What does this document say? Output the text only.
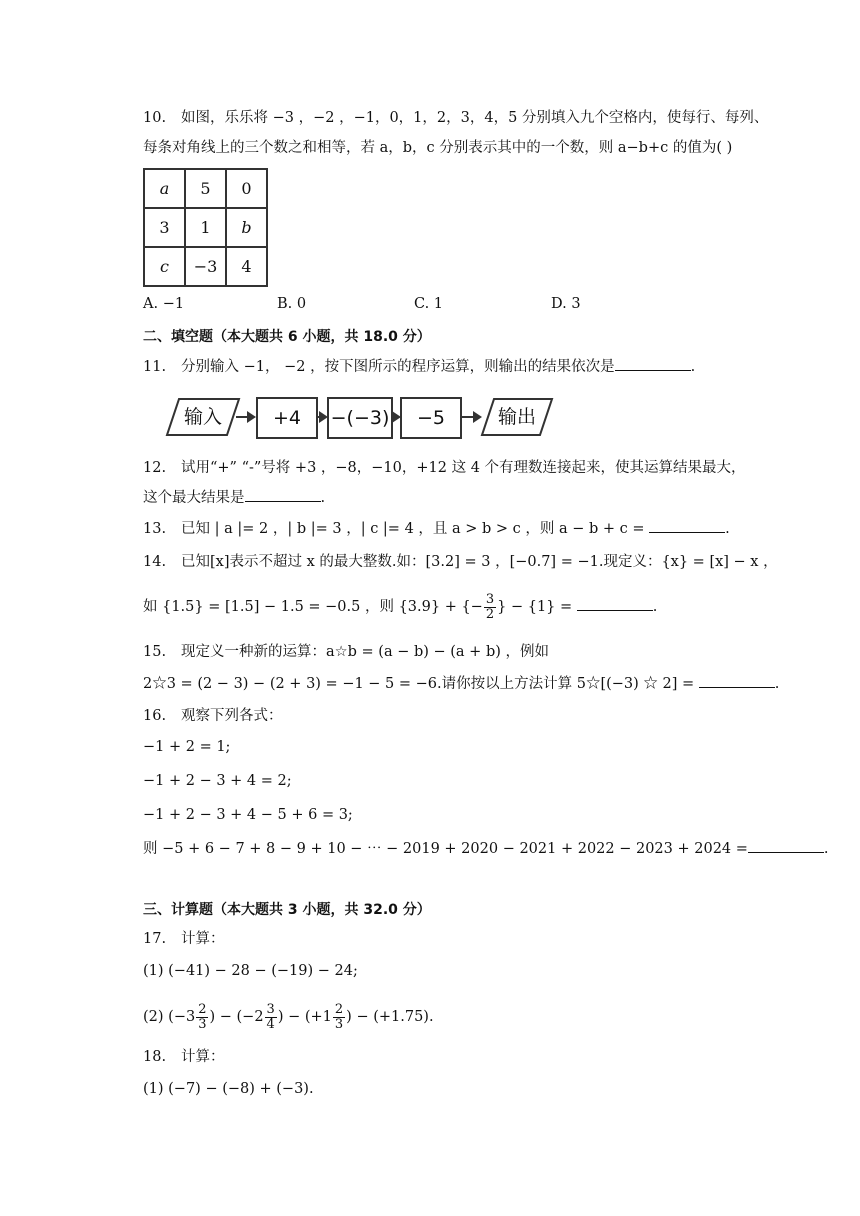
10. 如图，乐乐将 −3 ，−2 ，−1，0，1，2，3，4，5 分别填入九个空格内，使每行、每列、
每条对角线上的三个数之和相等，若 a，b，c 分别表示其中的一个数，则 a−b+c 的值为( )
a	5	0
3	1	b
c	−3	4
A. −1	B. 0	C. 1	D. 3
二、填空题（本大题共 6 小题，共 18.0 分）
11. 分别输入 −1， −2 ，按下图所示的程序运算，则输出的结果依次是	.
输入	+4	−(−3)	−5	输出
12. 试用“+” “-”号将 +3 ，−8，−10，+12 这 4 个有理数连接起来，使其运算结果最大，
这个最大结果是	.
13. 已知 | a |= 2 ，| b |= 3 ，| c |= 4 ，且 a > b > c ，则 a − b + c =	.
14. 已知[x]表示不超过 x 的最大整数.如：[3.2] = 3 ，[−0.7] = −1.现定义：{x} = [x] − x ，
如 {1.5} = [1.5] − 1.5 = −0.5 ，则 {3.9} + {− $\frac{3}{2}$ } − {1} =	.
15. 现定义一种新的运算：a☆b = (a − b) − (a + b) ，例如
2☆3 = (2 − 3) − (2 + 3) = −1 − 5 = −6.请你按以上方法计算 5☆[(−3) ☆ 2] =	.
16. 观察下列各式：
−1 + 2 = 1;
−1 + 2 − 3 + 4 = 2;
−1 + 2 − 3 + 4 − 5 + 6 = 3;
则 −5 + 6 − 7 + 8 − 9 + 10 − ⋯ − 2019 + 2020 − 2021 + 2022 − 2023 + 2024 =	.
三、计算题（本大题共 3 小题，共 32.0 分）
17. 计算：
(1) (−41) − 28 − (−19) − 24;
(2) ($-3 \frac{2}{3}$ ) − ($-2 \frac{3}{4}$ ) − ($+1 \frac{2}{3}$ ) − (+1.75).
18. 计算：
(1) (−7) − (−8) + (−3).
